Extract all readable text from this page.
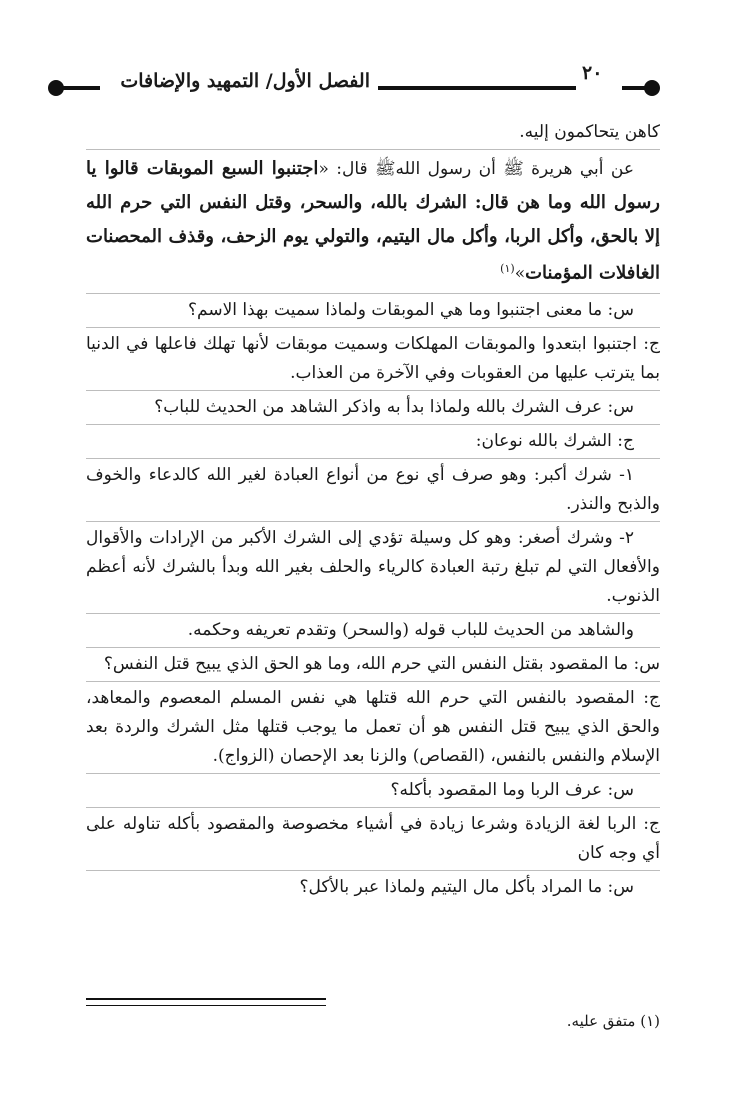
الفصل الأول/ التمهيد والإضافات	٢٠

كاهن يتحاكمون إليه.

عن أبي هريرة ﷺ أن رسول اللهﷺ قال: «اجتنبوا السبع الموبقات قالوا يا رسول الله وما هن قال: الشرك بالله، والسحر، وقتل النفس التي حرم الله إلا بالحق، وأكل الربا، وأكل مال اليتيم، والتولي يوم الزحف، وقذف المحصنات الغافلات المؤمنات»$^{(١)}$

س: ما معنى اجتنبوا وما هي الموبقات ولماذا سميت بهذا الاسم؟

ج: اجتنبوا ابتعدوا والموبقات المهلكات وسميت موبقات لأنها تهلك فاعلها في الدنيا بما يترتب عليها من العقوبات وفي الآخرة من العذاب.

س: عرف الشرك بالله ولماذا بدأ به واذكر الشاهد من الحديث للباب؟

ج: الشرك بالله نوعان:

١- شرك أكبر: وهو صرف أي نوع من أنواع العبادة لغير الله كالدعاء والخوف والذبح والنذر.

٢- وشرك أصغر: وهو كل وسيلة تؤدي إلى الشرك الأكبر من الإرادات والأقوال والأفعال التي لم تبلغ رتبة العبادة كالرياء والحلف بغير الله وبدأ بالشرك لأنه أعظم الذنوب.

والشاهد من الحديث للباب قوله (والسحر) وتقدم تعريفه وحكمه.

س: ما المقصود بقتل النفس التي حرم الله، وما هو الحق الذي يبيح قتل النفس؟

ج: المقصود بالنفس التي حرم الله قتلها هي نفس المسلم المعصوم والمعاهد، والحق الذي يبيح قتل النفس هو أن تعمل ما يوجب قتلها مثل الشرك والردة بعد الإسلام والنفس بالنفس، (القصاص) والزنا بعد الإحصان (الزواج).

س: عرف الربا وما المقصود بأكله؟

ج: الربا لغة الزيادة وشرعا زيادة في أشياء مخصوصة والمقصود بأكله تناوله على أي وجه كان

س: ما المراد بأكل مال اليتيم ولماذا عبر بالأكل؟

(١) متفق عليه.
